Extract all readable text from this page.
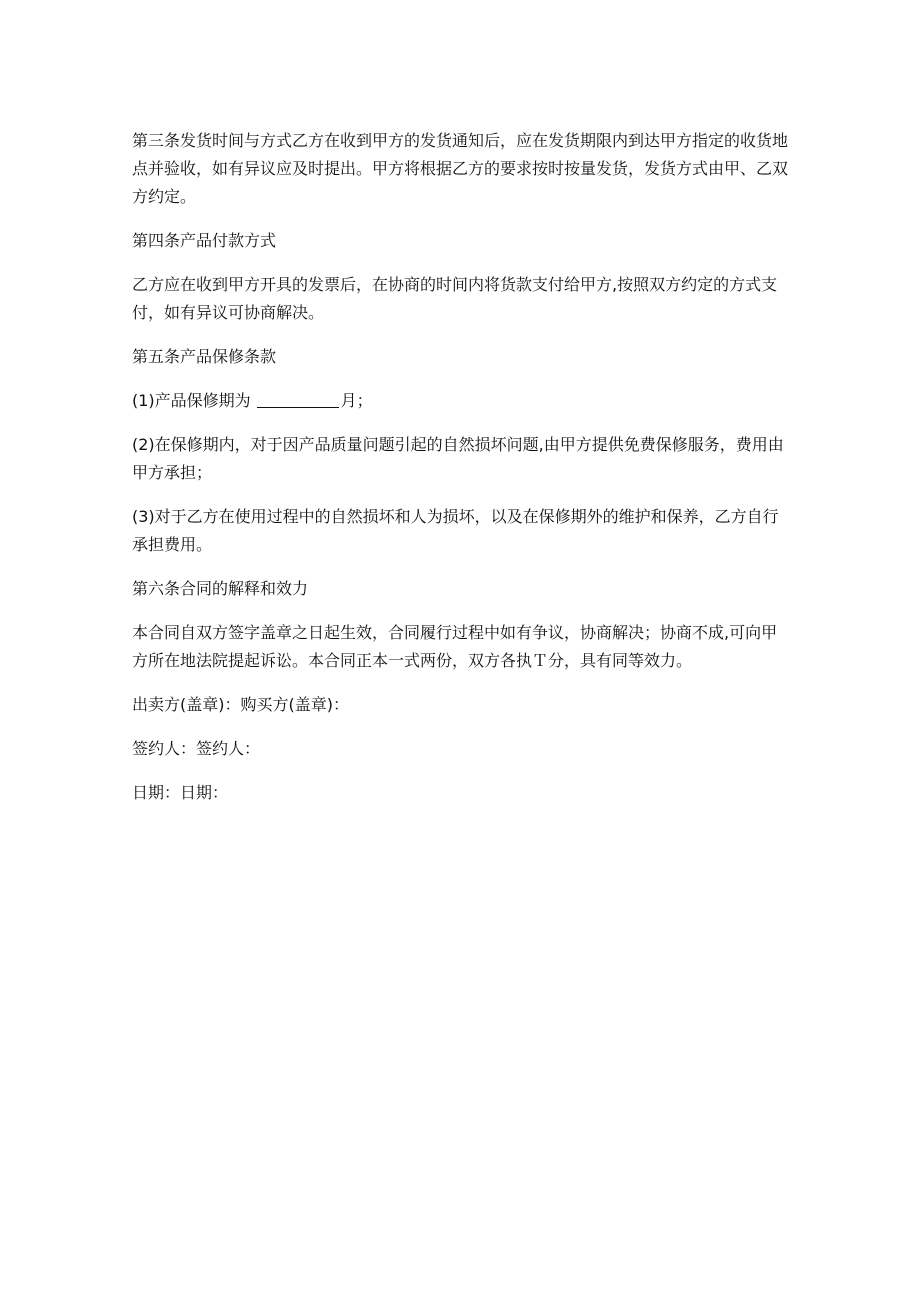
第三条发货时间与方式乙方在收到甲方的发货通知后，应在发货期限内到达甲方指定的收货地点并验收，如有异议应及时提出。甲方将根据乙方的要求按时按量发货，发货方式由甲、乙双方约定。

第四条产品付款方式

乙方应在收到甲方开具的发票后，在协商的时间内将货款支付给甲方,按照双方约定的方式支付，如有异议可协商解决。

第五条产品保修条款

(1)产品保修期为	月；

(2)在保修期内，对于因产品质量问题引起的自然损坏问题,由甲方提供免费保修服务，费用由甲方承担；

(3)对于乙方在使用过程中的自然损坏和人为损坏，以及在保修期外的维护和保养，乙方自行承担费用。

第六条合同的解释和效力

本合同自双方签字盖章之日起生效，合同履行过程中如有争议，协商解决；协商不成,可向甲方所在地法院提起诉讼。本合同正本一式两份，双方各执Ｔ分，具有同等效力。

出卖方(盖章)：购买方(盖章)：

签约人：签约人：

日期：日期：
